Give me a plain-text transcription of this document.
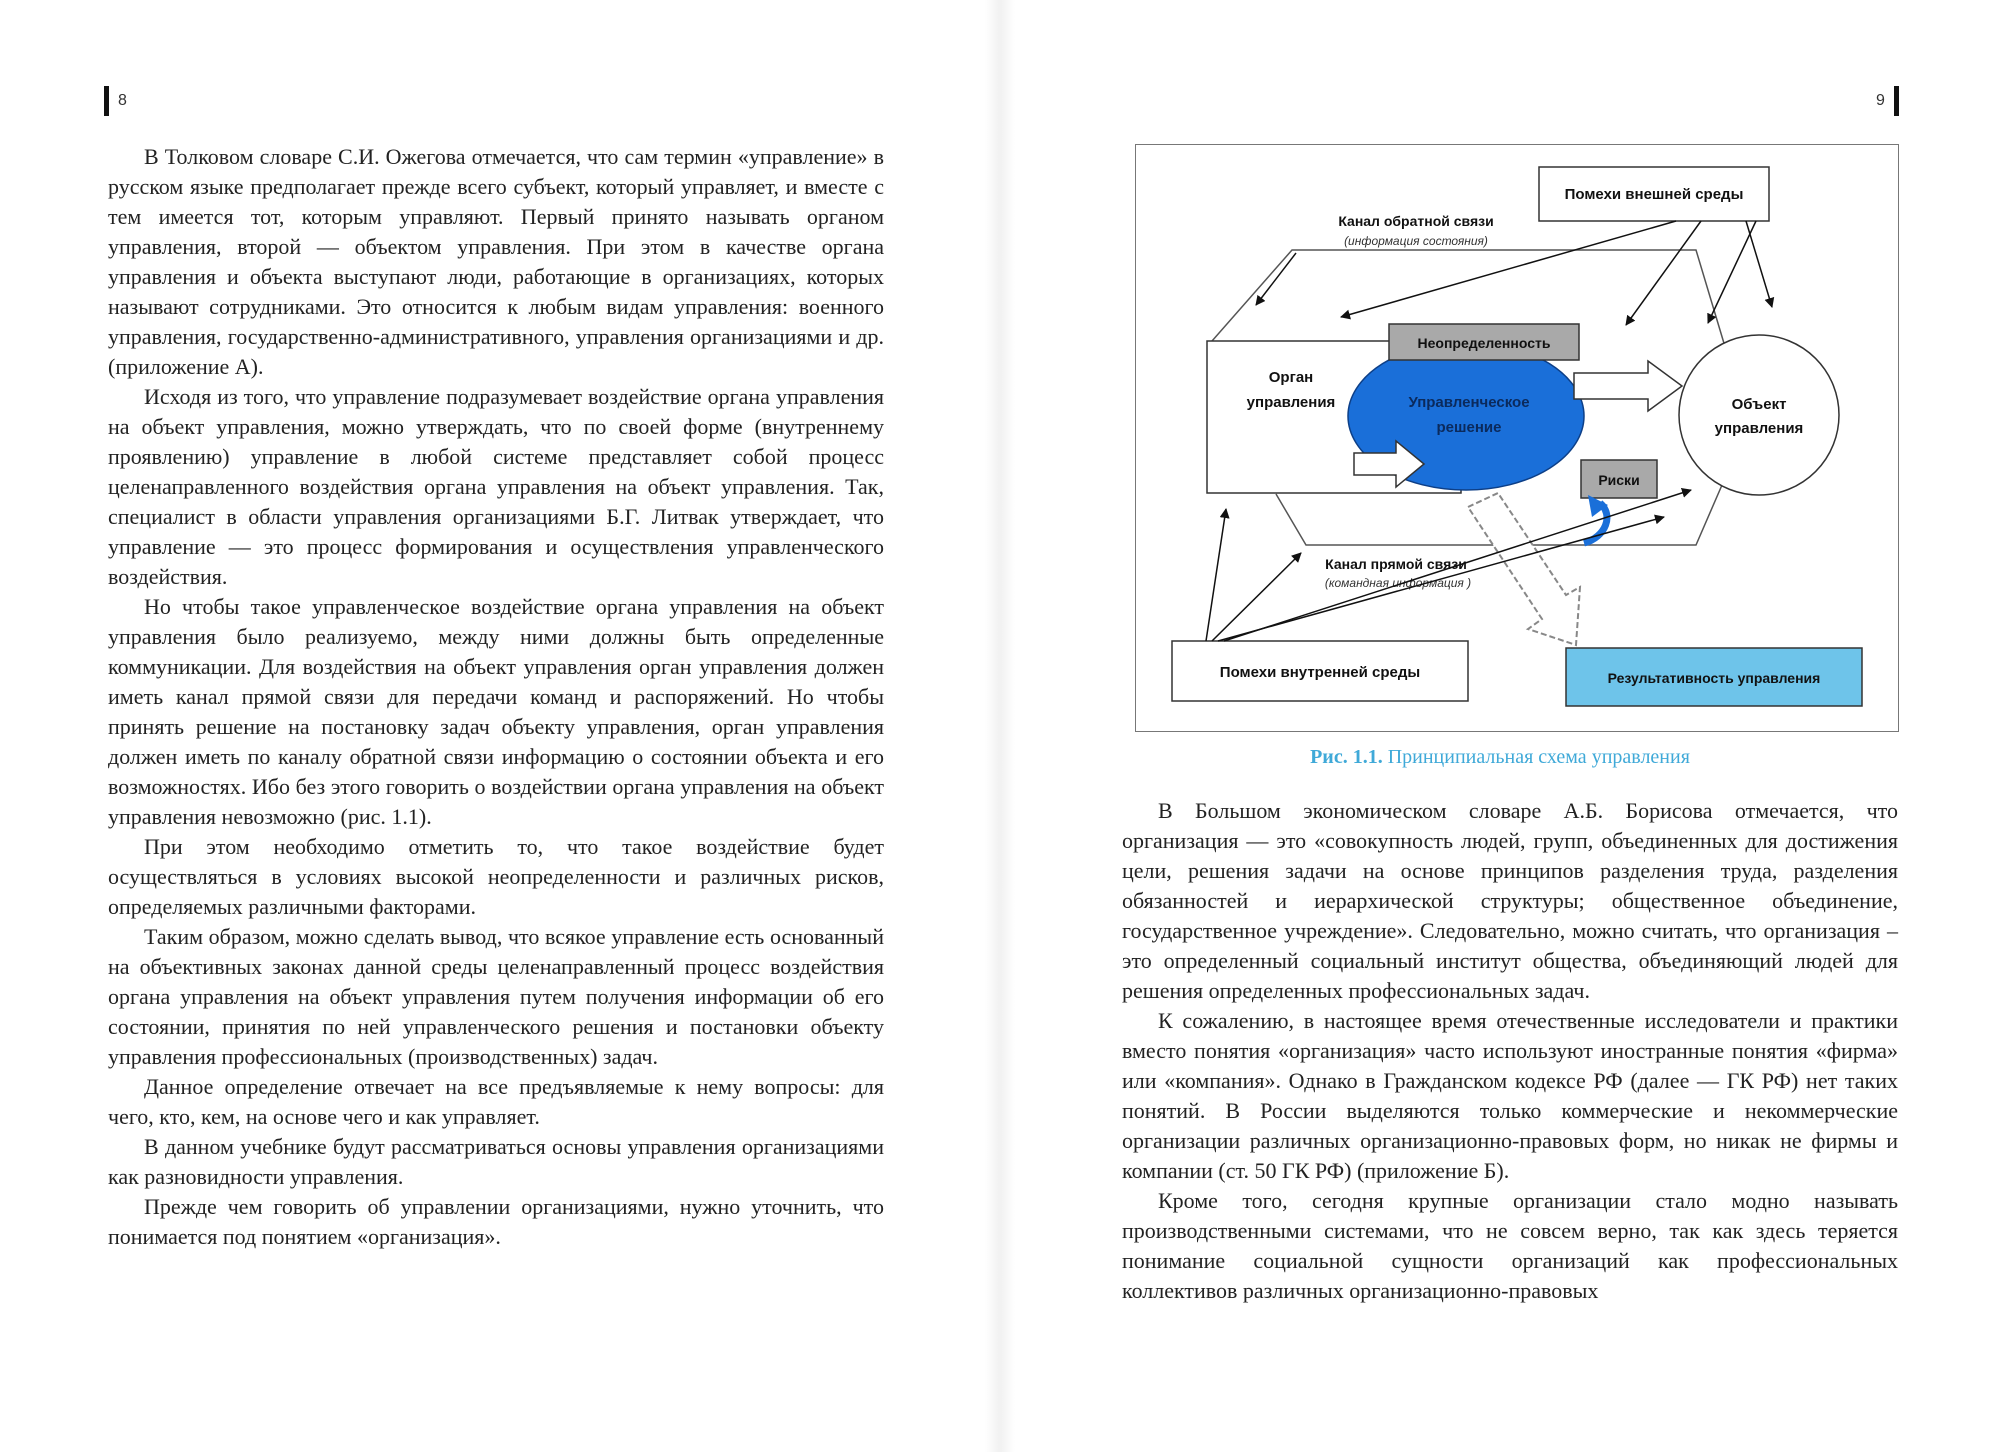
8

В Толковом словаре С.И. Ожегова отмечается, что сам термин «управление» в русском языке предполагает прежде всего субъект, который управляет, и вместе с тем имеется тот, которым управляют. Первый принято называть органом управления, второй — объектом управления. При этом в качестве органа управления и объекта выступают люди, работающие в организациях, которых называют сотрудниками. Это относится к любым видам управления: военного управления, государственно-административного, управления организациями и др. (приложение А).

Исходя из того, что управление подразумевает воздействие органа управления на объект управления, можно утверждать, что по своей форме (внутреннему проявлению) управление в любой системе представляет собой процесс целенаправленного воздействия органа управления на объект управления. Так, специалист в области управления организациями Б.Г. Литвак утверждает, что управление — это процесс формирования и осуществления управленческого воздействия.

Но чтобы такое управленческое воздействие органа управления на объект управления было реализуемо, между ними должны быть определенные коммуникации. Для воздействия на объект управления орган управления должен иметь канал прямой связи для передачи команд и распоряжений. Но чтобы принять решение на постановку задач объекту управления, орган управления должен иметь по каналу обратной связи информацию о состоянии объекта и его возможностях. Ибо без этого говорить о воздействии органа управления на объект управления невозможно (рис. 1.1).

При этом необходимо отметить то, что такое воздействие будет осуществляться в условиях высокой неопределенности и различных рисков, определяемых различными факторами.

Таким образом, можно сделать вывод, что всякое управление есть основанный на объективных законах данной среды целенаправленный процесс воздействия органа управления на объект управления путем получения информации об его состоянии, принятия по ней управленческого решения и постановки объекту управления профессиональных (производственных) задач.

Данное определение отвечает на все предъявляемые к нему вопросы: для чего, кто, кем, на основе чего и как управляет.

В данном учебнике будут рассматриваться основы управления организациями как разновидности управления.

Прежде чем говорить об управлении организациями, нужно уточнить, что понимается под понятием «организация».

9
Помехи внешней среды
Канал обратной связи
(информация состояния)
Орган
управления	Управленческое
решение
Неопределенность
Риски
Объект
управления
Канал прямой связи
(командная информация )
Помехи внутренней среды	Результативность управления
Рис. 1.1. Принципиальная схема управления

В Большом экономическом словаре А.Б. Борисова отмечается, что организация — это «совокупность людей, групп, объединенных для достижения цели, решения задачи на основе принципов разделения труда, разделения обязанностей и иерархической структуры; общественное объединение, государственное учреждение». Следовательно, можно считать, что организация – это определенный социальный институт общества, объединяющий людей для решения определенных профессиональных задач.

К сожалению, в настоящее время отечественные исследователи и практики вместо понятия «организация» часто используют иностранные понятия «фирма» или «компания». Однако в Гражданском кодексе РФ (далее — ГК РФ) нет таких понятий. В России выделяются только коммерческие и некоммерческие организации различных организационно-правовых форм, но никак не фирмы и компании (ст. 50 ГК РФ) (приложение Б).

Кроме того, сегодня крупные организации стало модно называть производственными системами, что не совсем верно, так как здесь теряется понимание социальной сущности организаций как профессиональных коллективов различных организационно-правовых
